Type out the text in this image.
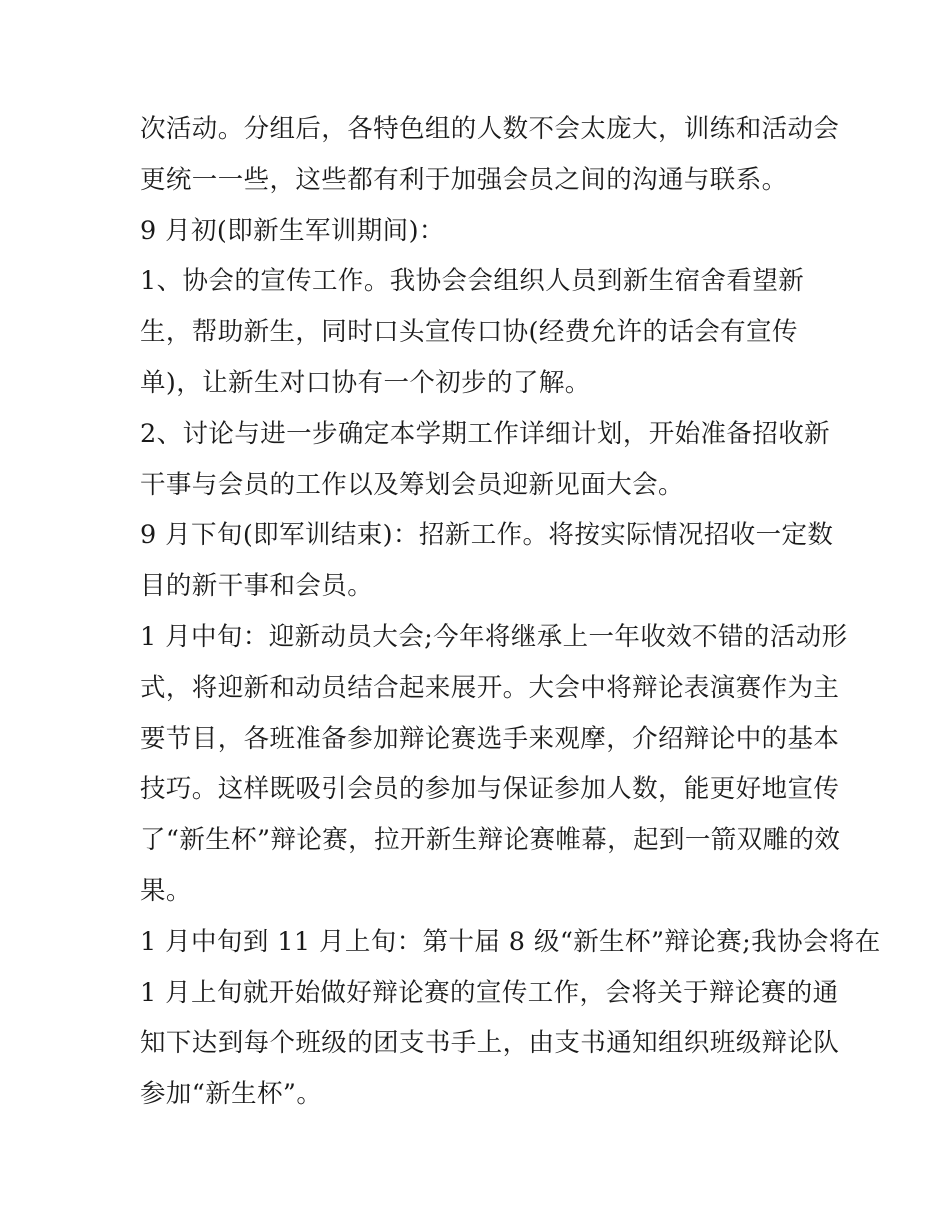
次活动。分组后，各特色组的人数不会太庞大，训练和活动会
更统一一些，这些都有利于加强会员之间的沟通与联系。
9 月初(即新生军训期间)：
1、协会的宣传工作。我协会会组织人员到新生宿舍看望新
生，帮助新生，同时口头宣传口协(经费允许的话会有宣传
单)，让新生对口协有一个初步的了解。
2、讨论与进一步确定本学期工作详细计划，开始准备招收新
干事与会员的工作以及筹划会员迎新见面大会。
9 月下旬(即军训结束)：招新工作。将按实际情况招收一定数
目的新干事和会员。
1 月中旬：迎新动员大会;今年将继承上一年收效不错的活动形
式，将迎新和动员结合起来展开。大会中将辩论表演赛作为主
要节目，各班准备参加辩论赛选手来观摩，介绍辩论中的基本
技巧。这样既吸引会员的参加与保证参加人数，能更好地宣传
了“新生杯”辩论赛，拉开新生辩论赛帷幕，起到一箭双雕的效
果。
1 月中旬到 11 月上旬：第十届 8 级“新生杯”辩论赛;我协会将在
1 月上旬就开始做好辩论赛的宣传工作，会将关于辩论赛的通
知下达到每个班级的团支书手上，由支书通知组织班级辩论队
参加“新生杯”。
